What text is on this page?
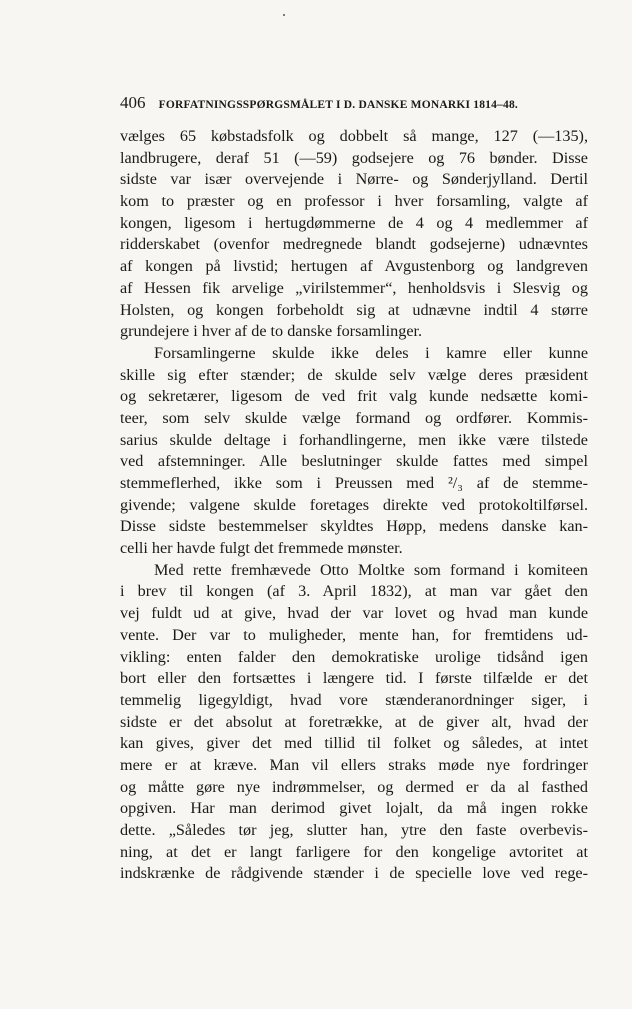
406 FORFATNINGSSPØRGSMÅLET I D. DANSKE MONARKI 1814–48.
vælges 65 købstadsfolk og dobbelt så mange, 127 (—135),
landbrugere, deraf 51 (—59) godsejere og 76 bønder. Disse
sidste var især overvejende i Nørre- og Sønderjylland. Dertil
kom to præster og en professor i hver forsamling, valgte af
kongen, ligesom i hertugdømmerne de 4 og 4 medlemmer af
ridderskabet (ovenfor medregnede blandt godsejerne) udnævntes
af kongen på livstid; hertugen af Avgustenborg og landgreven
af Hessen fik arvelige „virilstemmer“, henholdsvis i Slesvig og
Holsten, og kongen forbeholdt sig at udnævne indtil 4 større
grundejere i hver af de to danske forsamlinger.
Forsamlingerne skulde ikke deles i kamre eller kunne
skille sig efter stænder; de skulde selv vælge deres præsident
og sekretærer, ligesom de ved frit valg kunde nedsætte komi-
teer, som selv skulde vælge formand og ordfører. Kommis-
sarius skulde deltage i forhandlingerne, men ikke være tilstede
ved afstemninger. Alle beslutninger skulde fattes med simpel
stemmeflerhed, ikke som i Preussen med ²/₃ af de stemme-
givende; valgene skulde foretages direkte ved protokoltilførsel.
Disse sidste bestemmelser skyldtes Høpp, medens danske kan-
celli her havde fulgt det fremmede mønster.
Med rette fremhævede Otto Moltke som formand i komiteen
i brev til kongen (af 3. April 1832), at man var gået den
vej fuldt ud at give, hvad der var lovet og hvad man kunde
vente. Der var to muligheder, mente han, for fremtidens ud-
vikling: enten falder den demokratiske urolige tidsånd igen
bort eller den fortsættes i længere tid. I første tilfælde er det
temmelig ligegyldigt, hvad vore stænderanordninger siger, i
sidste er det absolut at foretrække, at de giver alt, hvad der
kan gives, giver det med tillid til folket og således, at intet
mere er at kræve. Man vil ellers straks møde nye fordringer
og måtte gøre nye indrømmelser, og dermed er da al fasthed
opgiven. Har man derimod givet lojalt, da må ingen rokke
dette. „Således tør jeg, slutter han, ytre den faste overbevis-
ning, at det er langt farligere for den kongelige avtoritet at
indskrænke de rådgivende stænder i de specielle love ved rege-
